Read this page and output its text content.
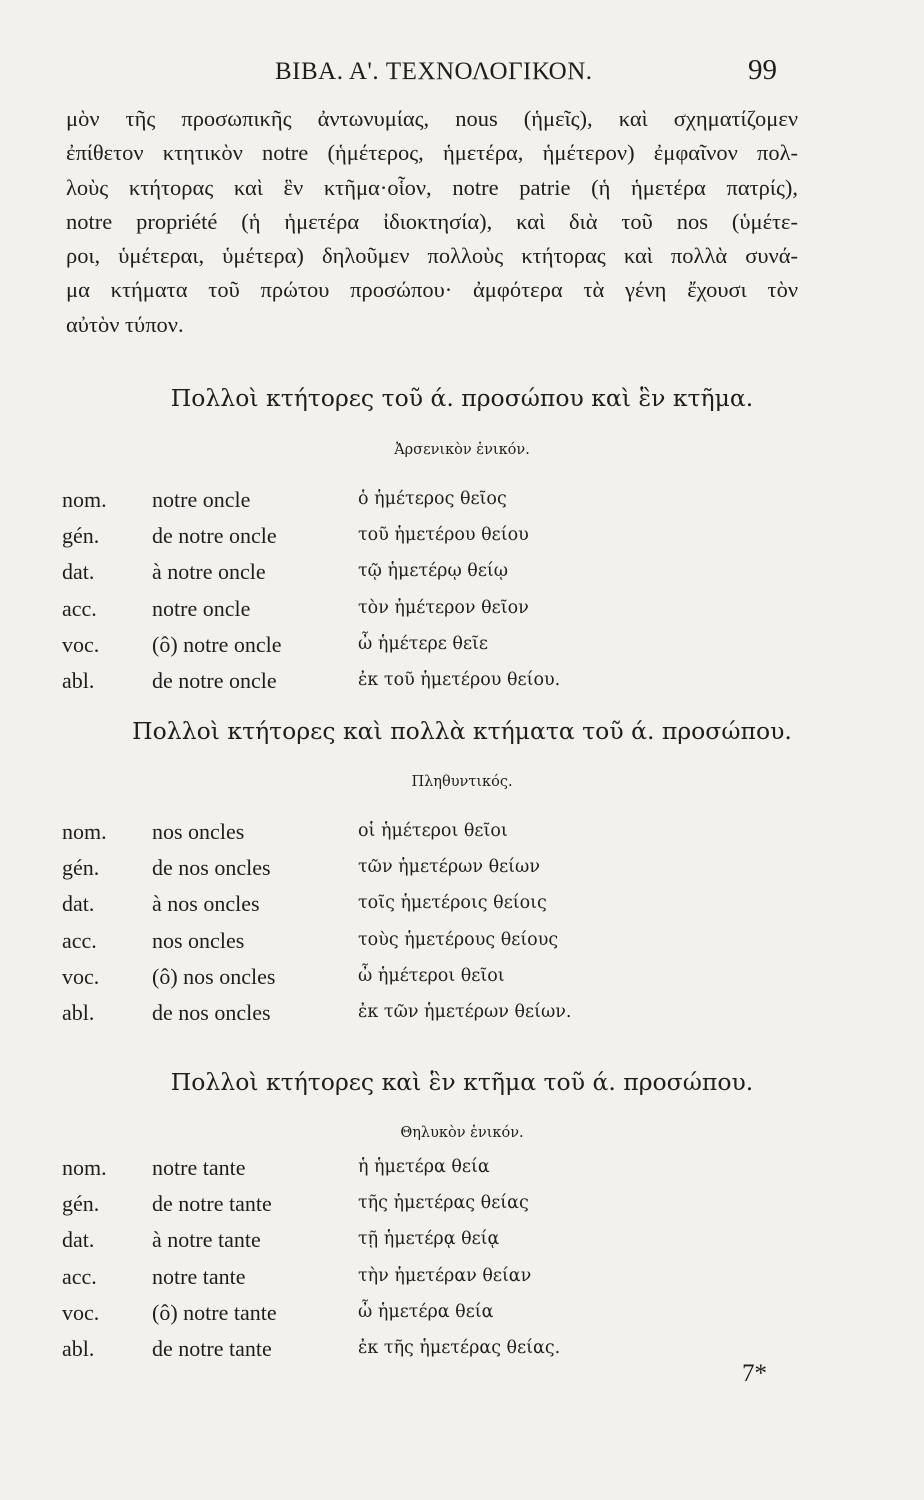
BIBA. A'. ΤΕΧΝΟΛΟΓΙΚΟΝ.	99
μὸν τῆς προσωπικῆς ἀντωνυμίας, nous (ἡμεῖς), καὶ σχηματίζομεν
ἐπίθετον κτητικὸν notre (ἡμέτερος, ἡμετέρα, ἡμέτερον) ἐμφαῖνον πολ-
λοὺς κτήτορας καὶ ἓν κτῆμα·οἷον, notre patrie (ἡ ἡμετέρα πατρίς),
notre propriété (ἡ ἡμετέρα ἰδιοκτησία), καὶ διὰ τοῦ nos (ὑμέτε-
ροι, ὑμέτεραι, ὑμέτερα) δηλοῦμεν πολλοὺς κτήτορας καὶ πολλὰ συνά-
μα κτήματα τοῦ πρώτου προσώπου· ἀμφότερα τὰ γένη ἔχουσι τὸν
αὐτὸν τύπον.
Πολλοὶ κτήτορες τοῦ ά. προσώπου καὶ ἓν κτῆμα.
Ἀρσενικὸν ἑνικόν.
nom. notre oncle	ὁ ἡμέτερος θεῖος
gén. de notre oncle	τοῦ ἡμετέρου θείου
dat.	à notre oncle	τῷ ἡμετέρῳ θείῳ
acc.	notre oncle	τὸν ἡμέτερον θεῖον
voc. (ô) notre oncle	ὦ ἡμέτερε θεῖε
abl.	de notre oncle	ἐκ τοῦ ἡμετέρου θείου.
Πολλοὶ κτήτορες καὶ πολλὰ κτήματα τοῦ ά. προσώπου.
Πληθυντικός.
nom. nos oncles	οἱ ἡμέτεροι θεῖοι
gén. de nos oncles	τῶν ἡμετέρων θείων
dat.	à nos oncles	τοῖς ἡμετέροις θείοις
acc.	nos oncles	τοὺς ἡμετέρους θείους
voc. (ô) nos oncles	ὦ ἡμέτεροι θεῖοι
abl.	de nos oncles	ἐκ τῶν ἡμετέρων θείων.
Πολλοὶ κτήτορες καὶ ἓν κτῆμα τοῦ ά. προσώπου.
Θηλυκὸν ἑνικόν.
nom. notre tante	ἡ ἡμετέρα θεία
gén. de notre tante	τῆς ἡμετέρας θείας
dat.	à notre tante	τῇ ἡμετέρᾳ θείᾳ
acc.	notre tante	τὴν ἡμετέραν θείαν
voc. (ô) notre tante	ὦ ἡμετέρα θεία
abl.	de notre tante	ἐκ τῆς ἡμετέρας θείας.
7*
